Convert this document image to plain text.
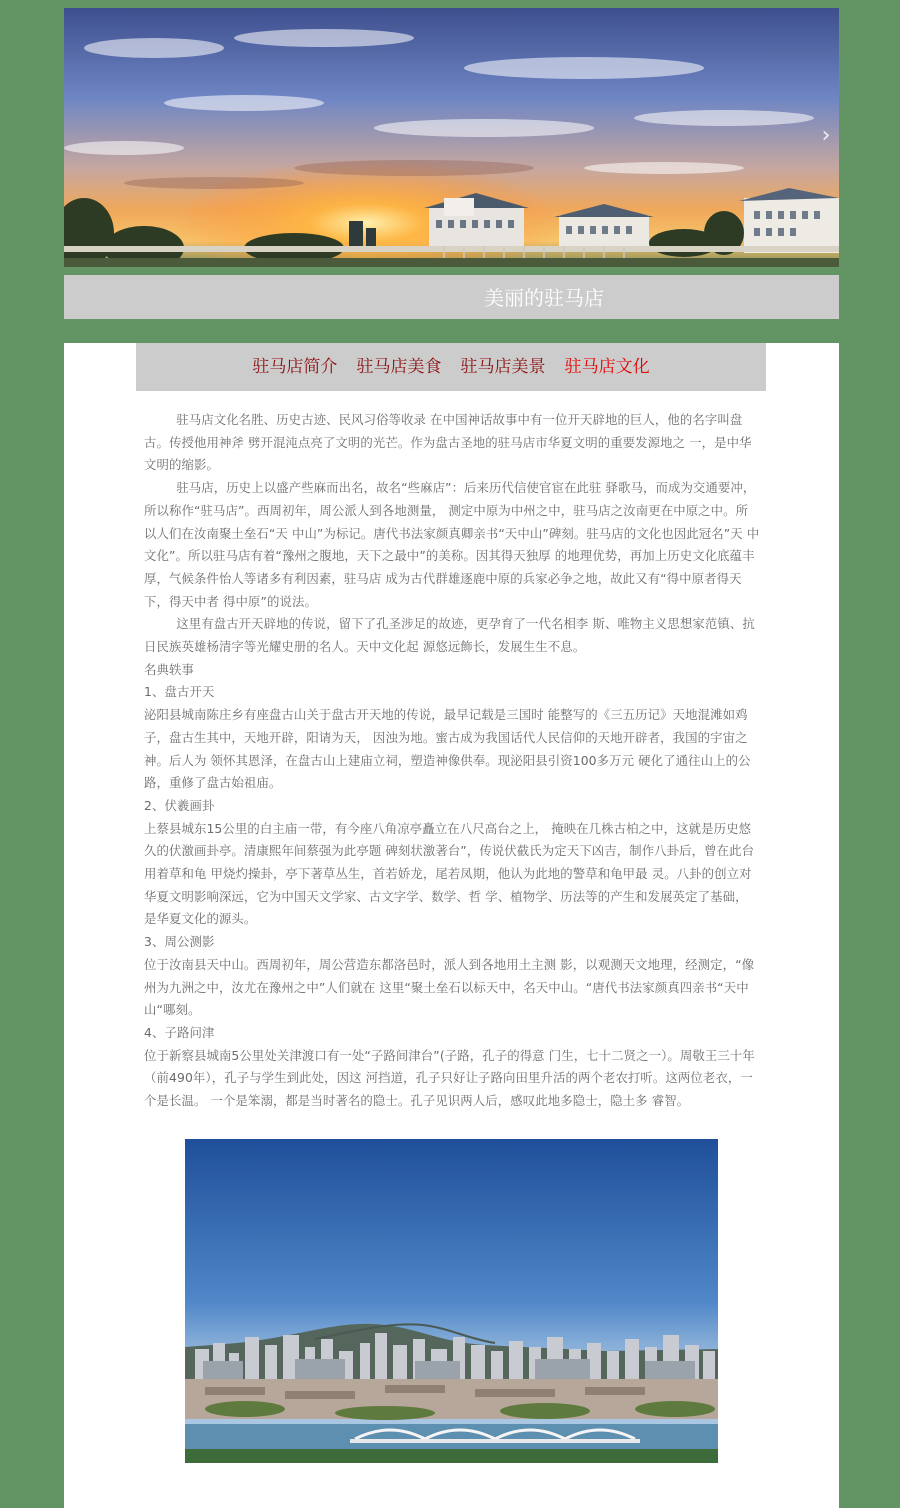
›
美丽的驻马店
驻马店简介 驻马店美食 驻马店美景 驻马店文化

驻马店文化名胜、历史古迹、民风习俗等收录 在中国神话故事中有一位开天辟地的巨人，他的名字叫盘古。传授他用神斧 劈开混沌点亮了文明的光芒。作为盘古圣地的驻马店市华夏文明的重要发源地之 一，是中华文明的缩影。

驻马店，历史上以盛产些麻而出名，故名“些麻店”：后来历代信使官宦在此驻 驿歌马，而成为交通要冲，所以称作“驻马店”。西周初年，周公派人到各地测量， 测定中原为中州之中，驻马店之汝南更在中原之中。所以人们在汝南聚土垒石“天 中山”为标记。唐代书法家颜真卿亲书“天中山”碑刻。驻马店的文化也因此冠名”天 中文化”。所以驻马店有着“豫州之腹地，天下之最中”的美称。因其得天独厚 的地理优势，再加上历史文化底蕴丰厚，气候条件怡人等诸多有利因素，驻马店 成为古代群雄逐鹿中原的兵家必争之地，故此又有“得中原者得天下，得天中者 得中原”的说法。

这里有盘古开天辟地的传说，留下了孔圣涉足的故迹，更孕育了一代名相李 斯、唯物主义思想家范镇、抗日民族英雄杨清字等光耀史册的名人。天中文化起 源悠远飾长，发展生生不息。

名典轶事

1、盘古开天

泌阳县城南陈庄乡有座盘古山关于盘古开天地的传说，最早记载是三国时 能整写的《三五历记》天地混滩如鸡子，盘古生其中，天地开辟，阳请为天， 因浊为地。蜜古成为我国话代人民信仰的天地开辟者，我国的宇宙之神。后人为 领怀其恩泽，在盘古山上建庙立祠，塑造神像供奉。现泌阳县引资100多万元 硬化了通往山上的公路，重修了盘古始祖庙。

2、伏羲画卦

上蔡县城东15公里的白主庙一带，有今座八角凉亭矗立在八尺高台之上， 掩映在几株古柏之中，这就是历史悠久的伏激画卦亭。清康熙年间蔡强为此亭题 碑刻状激著台”，传说伏截氏为定天下凶吉，制作八卦后，曾在此台用着草和龟 甲烧灼操卦，亭下著草丛生，首若娇龙，尾若凤期，他认为此地的警草和龟甲最 灵。八卦的创立对华夏文明影响深远，它为中国天文学家、古文字学、数学、哲 学、植物学、历法等的产生和发展英定了基础，是华夏文化的源头。

3、周公测影

位于汝南县天中山。西周初年，周公营造东都洛邑时，派人到各地用土主测 影，以观测天文地理，经测定，“像州为九洲之中，汝尤在豫州之中”人们就在 这里“聚土垒石以标天中，名天中山。“唐代书法家颜真四亲书“天中山“哪刻。

4、子路问津

位于新察县城南5公里处关津渡口有一处“子路间津台”(子路，孔子的得意 门生，七十二贤之一）。周敬王三十年（前490年），孔子与学生到此处，因这 河挡道，孔子只好让子路向田里升活的两个老农打听。这两位老衣，一个是长温。 一个是笨溺，都是当时著名的隐士。孔子见识两人后，感叹此地多隐士，隐土多 睿智。
